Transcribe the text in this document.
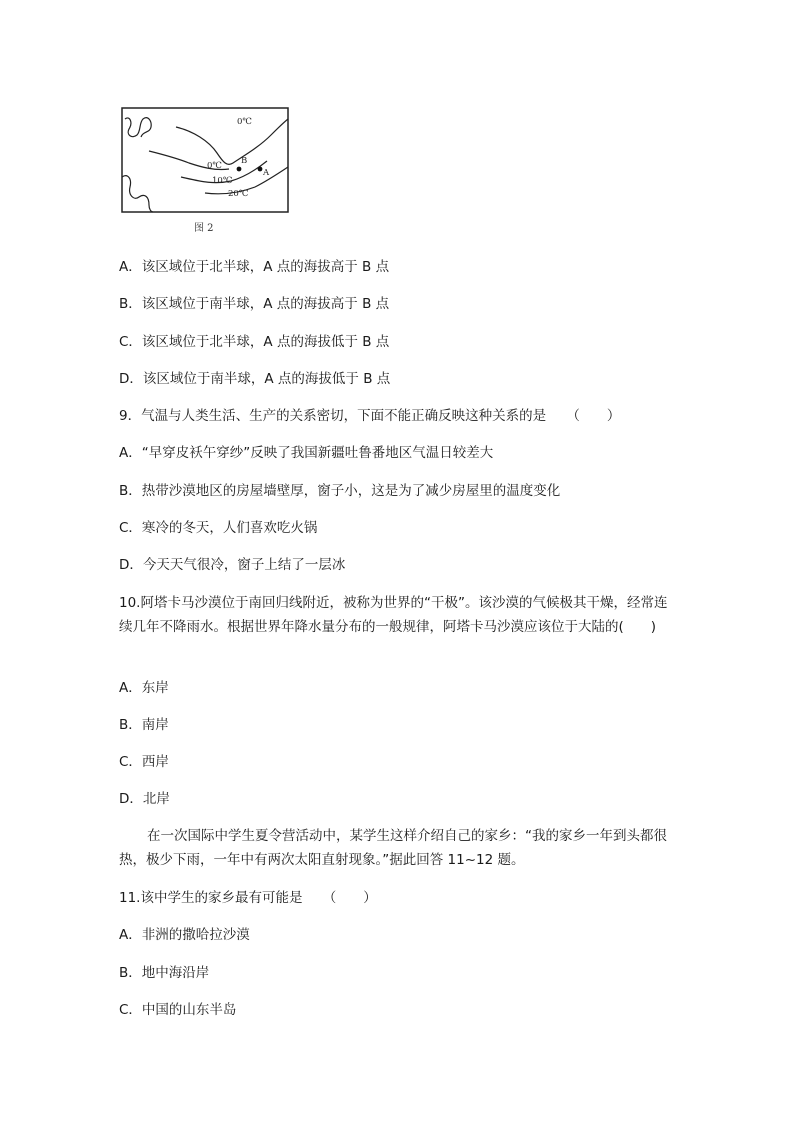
0℃
0℃
10℃
20℃
B
A
图 2
A．该区域位于北半球，A 点的海拔高于 B 点
B．该区域位于南半球，A 点的海拔高于 B 点
C．该区域位于北半球，A 点的海拔低于 B 点
D．该区域位于南半球，A 点的海拔低于 B 点
9．气温与人类生活、生产的关系密切，下面不能正确反映这种关系的是　　（　　）
A．“早穿皮袄午穿纱”反映了我国新疆吐鲁番地区气温日较差大
B．热带沙漠地区的房屋墙壁厚，窗子小，这是为了减少房屋里的温度变化
C．寒冷的冬天，人们喜欢吃火锅
D．今天天气很冷，窗子上结了一层冰
10.阿塔卡马沙漠位于南回归线附近，被称为世界的“干极”。该沙漠的气候极其干燥，经常连续几年不降雨水。根据世界年降水量分布的一般规律，阿塔卡马沙漠应该位于大陆的(　　)
A．东岸
B．南岸
C．西岸
D．北岸
在一次国际中学生夏令营活动中，某学生这样介绍自己的家乡：“我的家乡一年到头都很热，极少下雨，一年中有两次太阳直射现象。”据此回答 11~12 题。
11.该中学生的家乡最有可能是　　（　　）
A．非洲的撒哈拉沙漠
B．地中海沿岸
C．中国的山东半岛
